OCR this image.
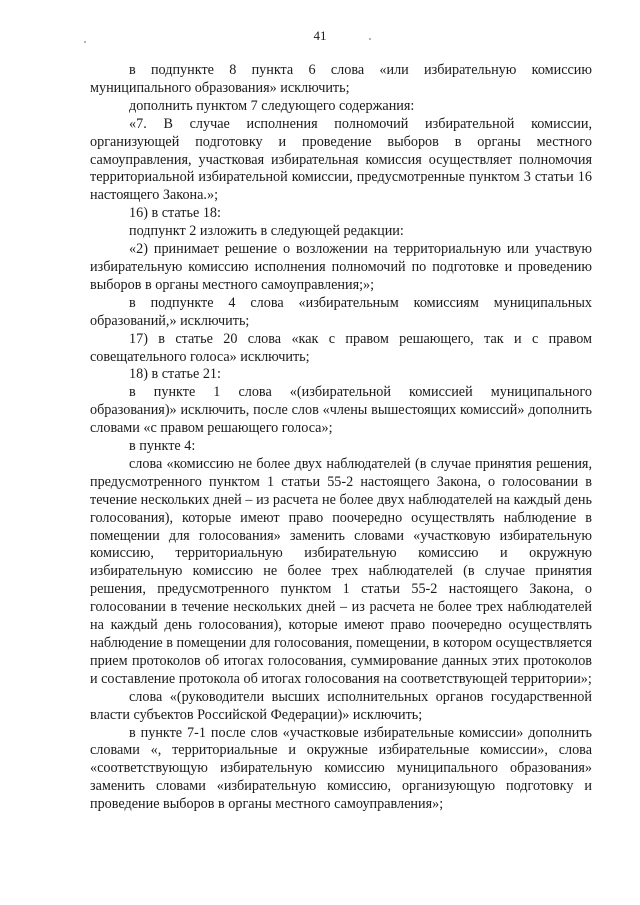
41

в подпункте 8 пункта 6 слова «или избирательную комиссию муниципального образования» исключить;

дополнить пунктом 7 следующего содержания:

«7. В случае исполнения полномочий избирательной комиссии, организующей подготовку и проведение выборов в органы местного самоуправления, участковая избирательная комиссия осуществляет полномочия территориальной избирательной комиссии, предусмотренные пунктом 3 статьи 16 настоящего Закона.»;

16) в статье 18:

подпункт 2 изложить в следующей редакции:

«2) принимает решение о возложении на территориальную или участвую избирательную комиссию исполнения полномочий по подготовке и проведению выборов в органы местного самоуправления;»;

в подпункте 4 слова «избирательным комиссиям муниципальных образований,» исключить;

17) в статье 20 слова «как с правом решающего, так и с правом совещательного голоса» исключить;

18) в статье 21:

в пункте 1 слова «(избирательной комиссией муниципального образования)» исключить, после слов «члены вышестоящих комиссий» дополнить словами «с правом решающего голоса»;

в пункте 4:

слова «комиссию не более двух наблюдателей (в случае принятия решения, предусмотренного пунктом 1 статьи 55-2 настоящего Закона, о голосовании в течение нескольких дней – из расчета не более двух наблюдателей на каждый день голосования), которые имеют право поочередно осуществлять наблюдение в помещении для голосования» заменить словами «участковую избирательную комиссию, территориальную избирательную комиссию и окружную избирательную комиссию не более трех наблюдателей (в случае принятия решения, предусмотренного пунктом 1 статьи 55-2 настоящего Закона, о голосовании в течение нескольких дней – из расчета не более трех наблюдателей на каждый день голосования), которые имеют право поочередно осуществлять наблюдение в помещении для голосования, помещении, в котором осуществляется прием протоколов об итогах голосования, суммирование данных этих протоколов и составление протокола об итогах голосования на соответствующей территории»;

слова «(руководители высших исполнительных органов государственной власти субъектов Российской Федерации)» исключить;

в пункте 7-1 после слов «участковые избирательные комиссии» дополнить словами «, территориальные и окружные избирательные комиссии», слова «соответствующую избирательную комиссию муниципального образования» заменить словами «избирательную комиссию, организующую подготовку и проведение выборов в органы местного самоуправления»;
